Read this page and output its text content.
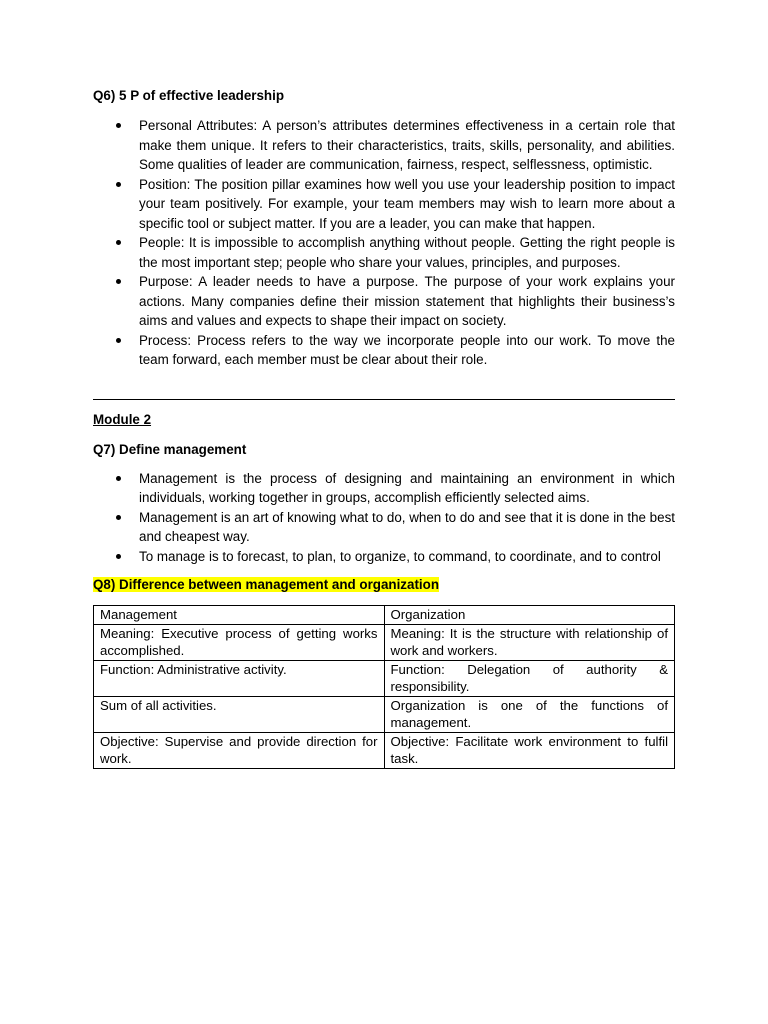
Q6) 5 P of effective leadership
Personal Attributes: A person’s attributes determines effectiveness in a certain role that make them unique. It refers to their characteristics, traits, skills, personality, and abilities. Some qualities of leader are communication, fairness, respect, selflessness, optimistic.
Position: The position pillar examines how well you use your leadership position to impact your team positively. For example, your team members may wish to learn more about a specific tool or subject matter. If you are a leader, you can make that happen.
People: It is impossible to accomplish anything without people. Getting the right people is the most important step; people who share your values, principles, and purposes.
Purpose: A leader needs to have a purpose. The purpose of your work explains your actions. Many companies define their mission statement that highlights their business’s aims and values and expects to shape their impact on society.
Process: Process refers to the way we incorporate people into our work. To move the team forward, each member must be clear about their role.
Module 2
Q7) Define management
Management is the process of designing and maintaining an environment in which individuals, working together in groups, accomplish efficiently selected aims.
Management is an art of knowing what to do, when to do and see that it is done in the best and cheapest way.
To manage is to forecast, to plan, to organize, to command, to coordinate, and to control
Q8) Difference between management and organization
Management	Organization
Meaning: Executive process of getting works accomplished.	Meaning: It is the structure with relationship of work and workers.
Function: Administrative activity.	Function: Delegation of authority & responsibility.
Sum of all activities.	Organization is one of the functions of management.
Objective: Supervise and provide direction for work.	Objective: Facilitate work environment to fulfil task.
